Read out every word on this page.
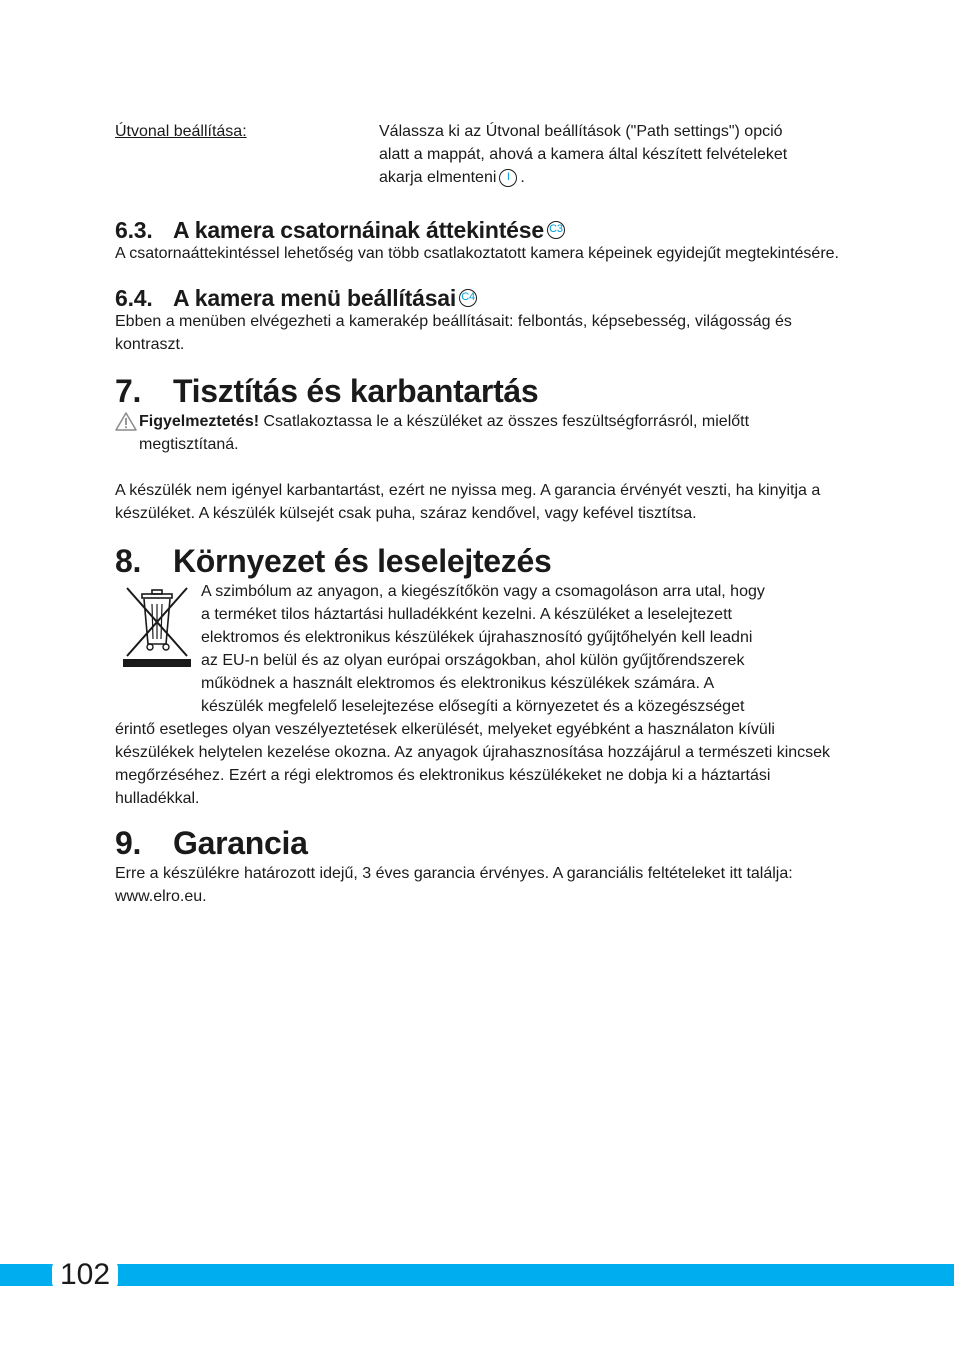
Útvonal beállítása:	Válassza ki az Útvonal beállítások ("Path settings") opció
alatt a mappát, ahová a kamera által készített felvételeket
akarja elmenteni I .
6.3. A kamera csatornáinak áttekintése C3

A csatornaáttekintéssel lehetőség van több csatlakoztatott kamera képeinek egyidejűt megtekintésére.

6.4. A kamera menü beállításai C4

Ebben a menüben elvégezheti a kamerakép beállításait: felbontás, képsebesség, világosság és kontraszt.

7. Tisztítás és karbantartás
Figyelmeztetés! Csatlakoztassa le a készüléket az összes feszültségforrásról, mielőtt megtisztítaná.

A készülék nem igényel karbantartást, ezért ne nyissa meg. A garancia érvényét veszti, ha kinyitja a készüléket. A készülék külsejét csak puha, száraz kendővel, vagy kefével tisztítsa.

8. Környezet és leselejtezés
A szimbólum az anyagon, a kiegészítőkön vagy a csomagoláson arra utal, hogy
a terméket tilos háztartási hulladékként kezelni. A készüléket a leselejtezett
elektromos és elektronikus készülékek újrahasznosító gyűjtőhelyén kell leadni
az EU-n belül és az olyan európai országokban, ahol külön gyűjtőrendszerek
működnek a használt elektromos és elektronikus készülékek számára. A
készülék megfelelő leselejtezése elősegíti a környezetet és a közegészséget

érintő esetleges olyan veszélyeztetések elkerülését, melyeket egyébként a használaton kívüli készülékek helytelen kezelése okozna. Az anyagok újrahasznosítása hozzájárul a természeti kincsek megőrzéséhez. Ezért a régi elektromos és elektronikus készülékeket ne dobja ki a háztartási hulladékkal.

9. Garancia

Erre a készülékre határozott idejű, 3 éves garancia érvényes. A garanciális feltételeket itt találja: www.elro.eu.

102
